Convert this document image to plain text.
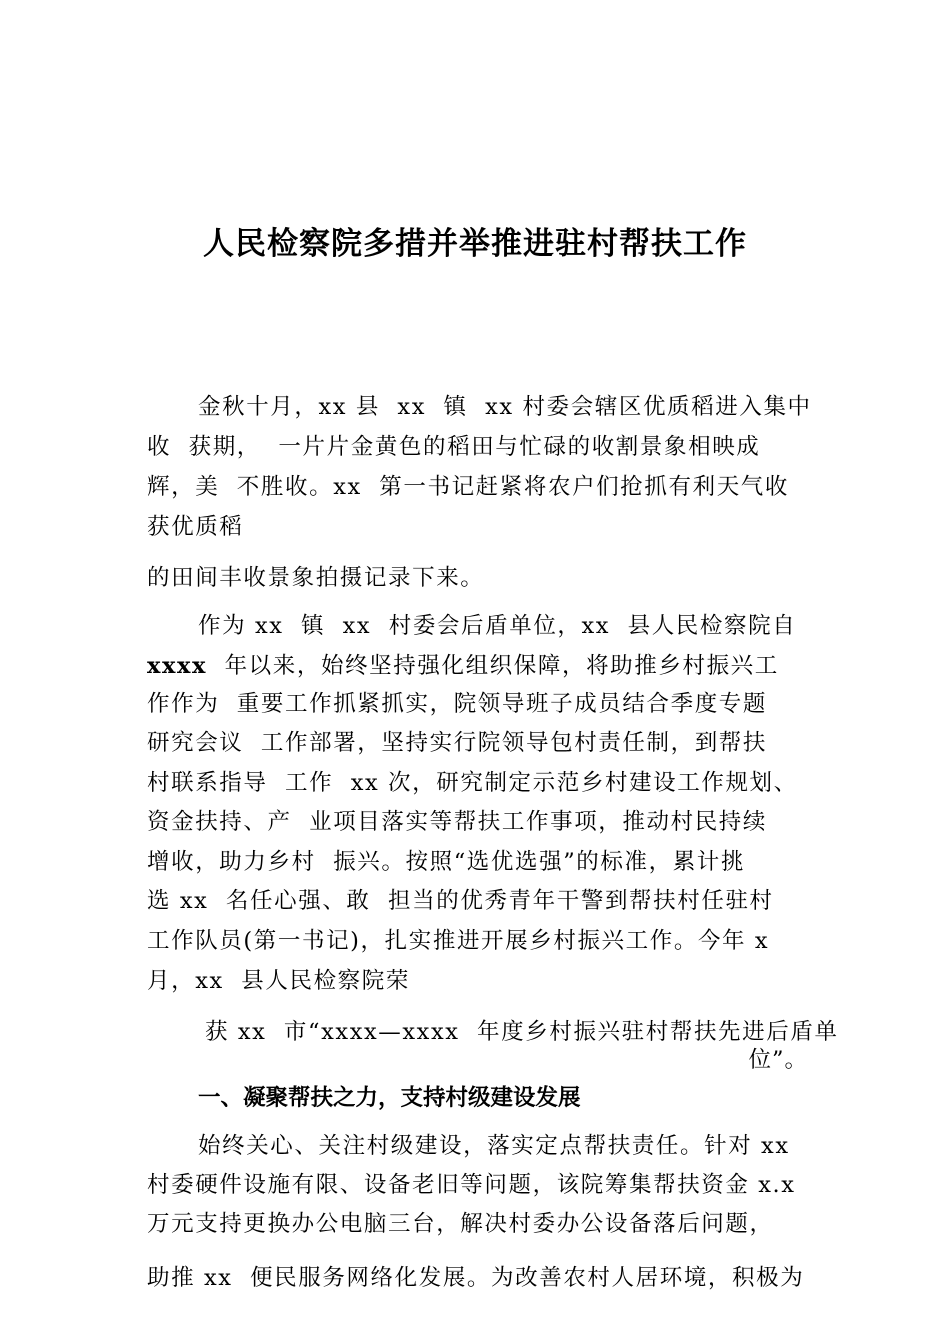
人民检察院多措并举推进驻村帮扶工作
金秋十月，xx 县  xx  镇  xx 村委会辖区优质稻进入集中
收  获期，  一片片金黄色的稻田与忙碌的收割景象相映成
辉，美  不胜收。xx  第一书记赶紧将农户们抢抓有利天气收
获优质稻
的田间丰收景象拍摄记录下来。
作为 xx  镇  xx  村委会后盾单位，xx  县人民检察院自
xxxx  年以来，始终坚持强化组织保障，将助推乡村振兴工
作作为  重要工作抓紧抓实，院领导班子成员结合季度专题
研究会议  工作部署，坚持实行院领导包村责任制，到帮扶
村联系指导  工作  xx 次，研究制定示范乡村建设工作规划、
资金扶持、产  业项目落实等帮扶工作事项，推动村民持续
增收，助力乡村  振兴。按照“选优选强”的标准，累计挑
选 xx  名任心强、敢  担当的优秀青年干警到帮扶村任驻村
工作队员(第一书记)，扎实推进开展乡村振兴工作。今年 x
月，xx  县人民检察院荣
获 xx  市“xxxx—xxxx  年度乡村振兴驻村帮扶先进后盾单
位”。
一、凝聚帮扶之力，支持村级建设发展
始终关心、关注村级建设，落实定点帮扶责任。针对 xx
村委硬件设施有限、设备老旧等问题，该院筹集帮扶资金 x.x
万元支持更换办公电脑三台，解决村委办公设备落后问题，
助推 xx  便民服务网络化发展。为改善农村人居环境，积极为
